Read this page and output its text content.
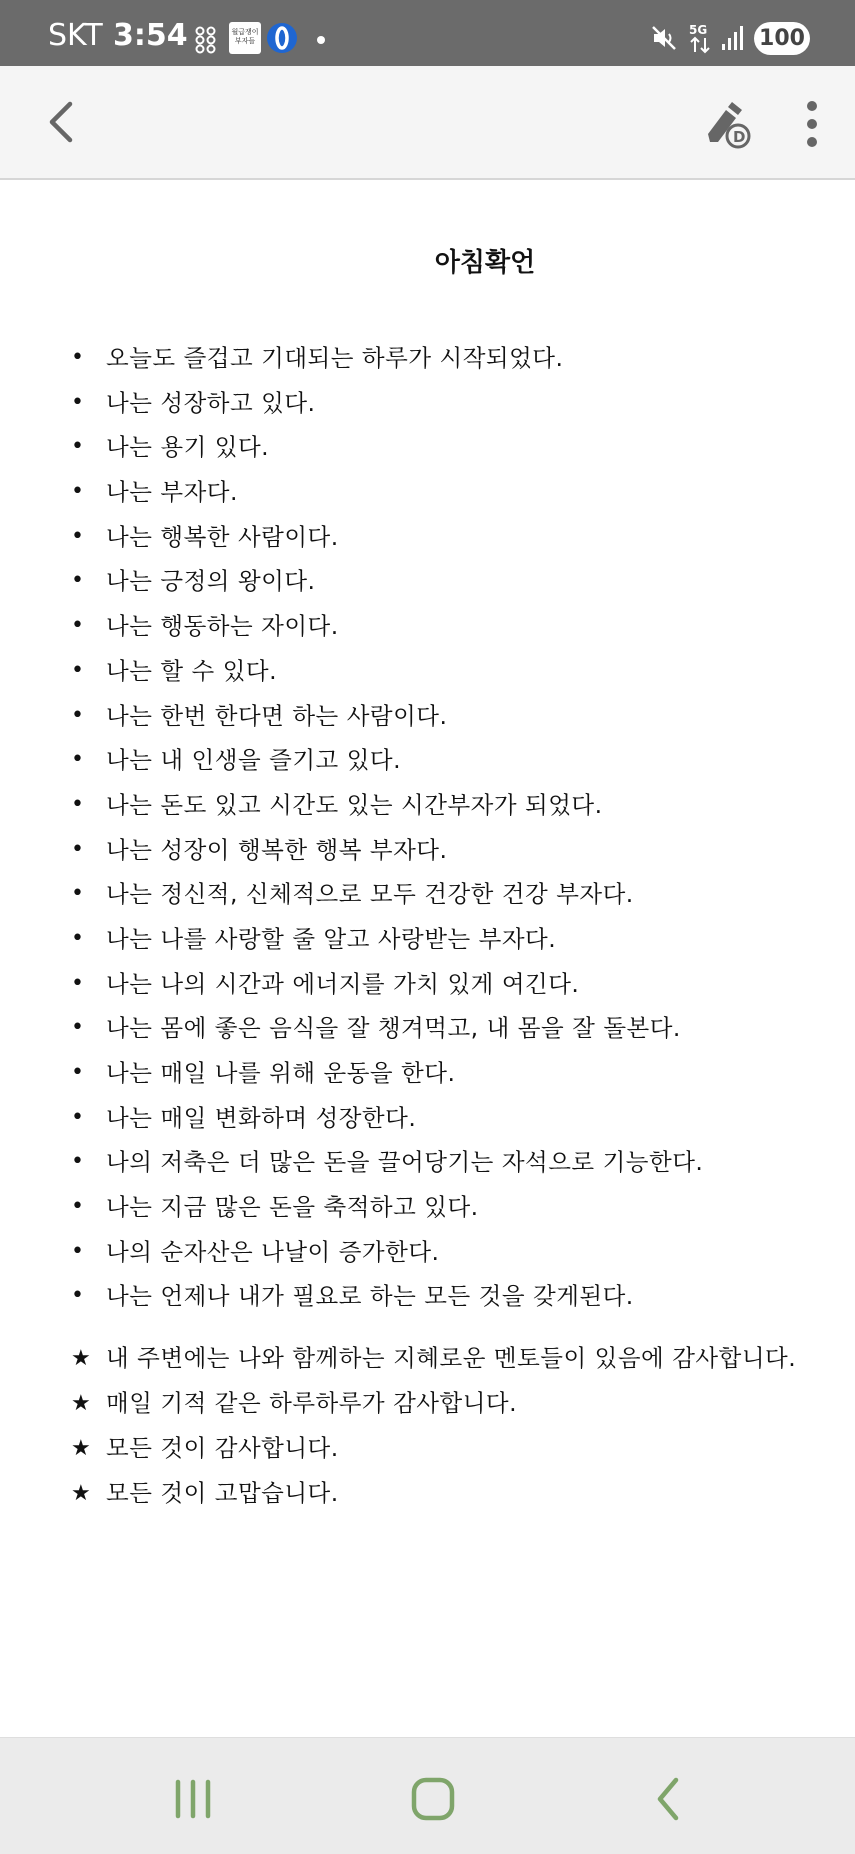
SKT 3:54	월급쟁이 부자들
5G 100
D
아침확언
• 오늘도 즐겁고 기대되는 하루가 시작되었다.
• 나는 성장하고 있다.
• 나는 용기 있다.
• 나는 부자다.
• 나는 행복한 사람이다.
• 나는 긍정의 왕이다.
• 나는 행동하는 자이다.
• 나는 할 수 있다.
• 나는 한번 한다면 하는 사람이다.
• 나는 내 인생을 즐기고 있다.
• 나는 돈도 있고 시간도 있는 시간부자가 되었다.
• 나는 성장이 행복한 행복 부자다.
• 나는 정신적, 신체적으로 모두 건강한 건강 부자다.
• 나는 나를 사랑할 줄 알고 사랑받는 부자다.
• 나는 나의 시간과 에너지를 가치 있게 여긴다.
• 나는 몸에 좋은 음식을 잘 챙겨먹고, 내 몸을 잘 돌본다.
• 나는 매일 나를 위해 운동을 한다.
• 나는 매일 변화하며 성장한다.
• 나의 저축은 더 많은 돈을 끌어당기는 자석으로 기능한다.
• 나는 지금 많은 돈을 축적하고 있다.
• 나의 순자산은 나날이 증가한다.
• 나는 언제나 내가 필요로 하는 모든 것을 갖게된다.
★ 내 주변에는 나와 함께하는 지혜로운 멘토들이 있음에 감사합니다.
★ 매일 기적 같은 하루하루가 감사합니다.
★ 모든 것이 감사합니다.
★ 모든 것이 고맙습니다.
